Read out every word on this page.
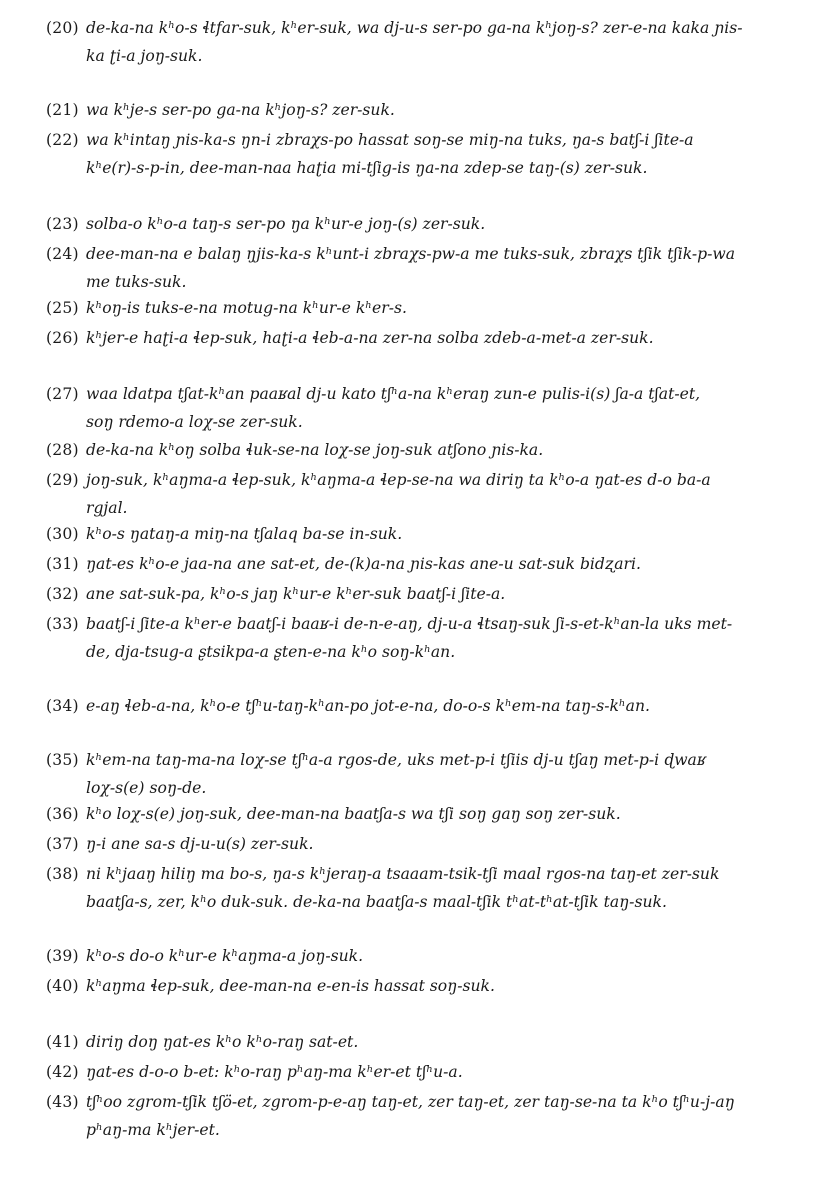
(20) de-ka-na kʰo-s ɬtfar-suk, kʰer-suk, wa dj-u-s ser-po ga-na kʰjoŋ-s? zer-e-na kaka ɲis-
ka ʈi-a joŋ-suk.
(21) wa kʰje-s ser-po ga-na kʰjoŋ-s? zer-suk.
(22) wa kʰintaŋ ɲis-ka-s ŋn-i zbraχs-po hassat soŋ-se miŋ-na tuks, ŋa-s batʃ-i ʃite-a
kʰe(r)-s-p-in, dee-man-naa haʈia mi-tʃig-is ŋa-na zdep-se taŋ-(s) zer-suk.
(23) solba-o kʰo-a taŋ-s ser-po ŋa kʰur-e joŋ-(s) zer-suk.
(24) dee-man-na e balaŋ ŋjis-ka-s kʰunt-i zbraχs-pw-a me tuks-suk, zbraχs tʃik tʃik-p-wa
me tuks-suk.
(25) kʰoŋ-is tuks-e-na motug-na kʰur-e kʰer-s.
(26) kʰjer-e haʈi-a ɬep-suk, haʈi-a ɬeb-a-na zer-na solba zdeb-a-met-a zer-suk.
(27) waa ldatpa tʃat-kʰan paaʁal dj-u kato tʃʰa-na kʰeraŋ zun-e pulis-i(s) ʃa-a tʃat-et,
soŋ rdemo-a loχ-se zer-suk.
(28) de-ka-na kʰoŋ solba ɬuk-se-na loχ-se joŋ-suk atʃono ɲis-ka.
(29) joŋ-suk, kʰaŋma-a ɬep-suk, kʰaŋma-a ɬep-se-na wa diriŋ ta kʰo-a ŋat-es d-o ba-a
rgjal.
(30) kʰo-s ŋataŋ-a miŋ-na tʃalaq ba-se in-suk.
(31) ŋat-es kʰo-e jaa-na ane sat-et, de-(k)a-na ɲis-kas ane-u sat-suk bidʐari.
(32) ane sat-suk-pa, kʰo-s jaŋ kʰur-e kʰer-suk baatʃ-i ʃite-a.
(33) baatʃ-i ʃite-a kʰer-e baatʃ-i baaʁ-i de-n-e-aŋ, dj-u-a ɬtsaŋ-suk ʃi-s-et-kʰan-la uks met-
de, dja-tsug-a ʂtsikpa-a ʂten-e-na kʰo soŋ-kʰan.
(34) e-aŋ ɬeb-a-na, kʰo-e tʃʰu-taŋ-kʰan-po jot-e-na, do-o-s kʰem-na taŋ-s-kʰan.
(35) kʰem-na taŋ-ma-na loχ-se tʃʰa-a rgos-de, uks met-p-i tʃiis dj-u tʃaŋ met-p-i ɖwaʁ
loχ-s(e) soŋ-de.
(36) kʰo loχ-s(e) joŋ-suk, dee-man-na baatʃa-s wa tʃi soŋ gaŋ soŋ zer-suk.
(37) ŋ-i ane sa-s dj-u-u(s) zer-suk.
(38) ni kʰjaaŋ hiliŋ ma bo-s, ŋa-s kʰjeraŋ-a tsaaam-tsik-tʃi maal rgos-na taŋ-et zer-suk
baatʃa-s, zer, kʰo duk-suk. de-ka-na baatʃa-s maal-tʃik tʰat-tʰat-tʃik taŋ-suk.
(39) kʰo-s do-o kʰur-e kʰaŋma-a joŋ-suk.
(40) kʰaŋma ɬep-suk, dee-man-na e-en-is hassat soŋ-suk.
(41) diriŋ doŋ ŋat-es kʰo kʰo-raŋ sat-et.
(42) ŋat-es d-o-o b-et: kʰo-raŋ pʰaŋ-ma kʰer-et tʃʰu-a.
(43) tʃʰoo zgrom-tʃik tʃö-et, zgrom-p-e-aŋ taŋ-et, zer taŋ-et, zer taŋ-se-na ta kʰo tʃʰu-j-aŋ
pʰaŋ-ma kʰjer-et.
